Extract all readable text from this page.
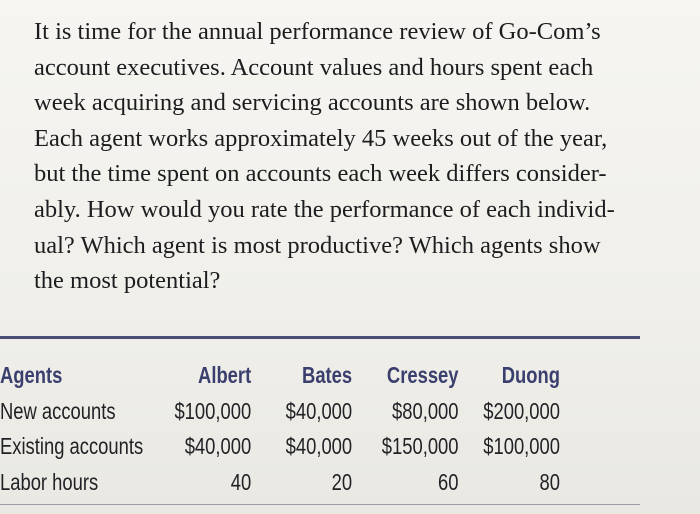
It is time for the annual performance review of Go-Com’s
account executives. Account values and hours spent each
week acquiring and servicing accounts are shown below.
Each agent works approximately 45 weeks out of the year,
but the time spent on accounts each week differs consider-
ably. How would you rate the performance of each individ-
ual? Which agent is most productive? Which agents show
the most potential?

Agents	Albert	Bates	Cressey	Duong
New accounts	$100,000	$40,000	$80,000	$200,000
Existing accounts	$40,000	$40,000	$150,000	$100,000
Labor hours	40	20	60	80
